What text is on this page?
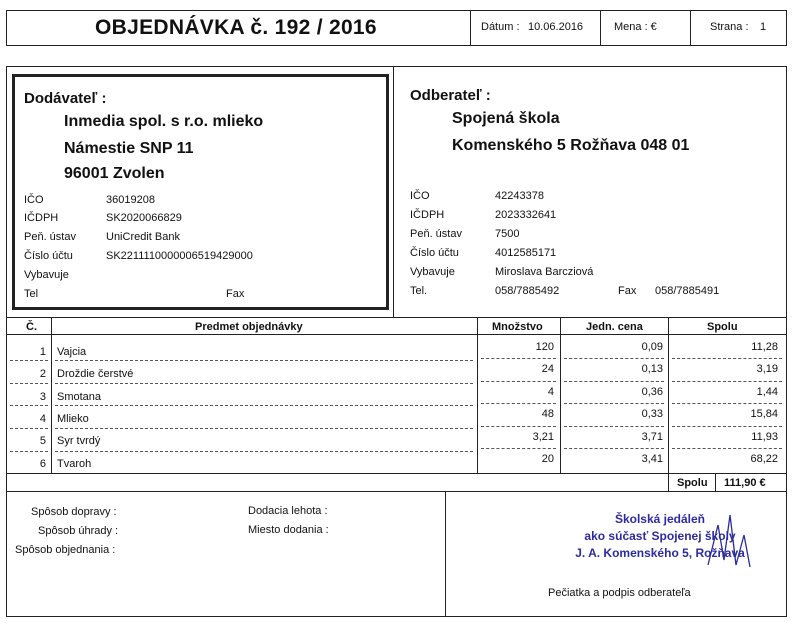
OBJEDNÁVKA č. 192 / 2016	Dátum : 10.06.2016	Mena : €	Strana : 1
Dodávateľ :
Inmedia spol. s r.o. mlieko
Námestie SNP 11
96001 Zvolen
IČO	36019208
IČDPH	SK2020066829
Peň. ústav	UniCredit Bank
Číslo účtu	SK2211110000006519429000
Vybavuje
Tel	Fax
Odberateľ :
Spojená škola
Komenského 5 Rožňava 048 01
IČO	42243378
IČDPH	2023332641
Peň. ústav	7500
Číslo účtu	4012585171
Vybavuje	Miroslava Barcziová
Tel.	058/7885492	Fax 058/7885491
Č.	Predmet objednávky	Množstvo	Jedn. cena	Spolu
1 Vajcia	120	0,09	11,28
2 Droždie čerstvé	24	0,13	3,19
3 Smotana	4	0,36	1,44
4 Mlieko	48	0,33	15,84
5 Syr tvrdý	3,21	3,71	11,93
6 Tvaroh	20	3,41	68,22
Spolu 111,90 €
Spôsob dopravy :
Spôsob úhrady :
Spôsob objednania :
Dodacia lehota :
Miesto dodania :
Školská jedáleň
ako súčasť Spojenej školy
J. A. Komenského 5, Rožňava
Pečiatka a podpis odberateľa
